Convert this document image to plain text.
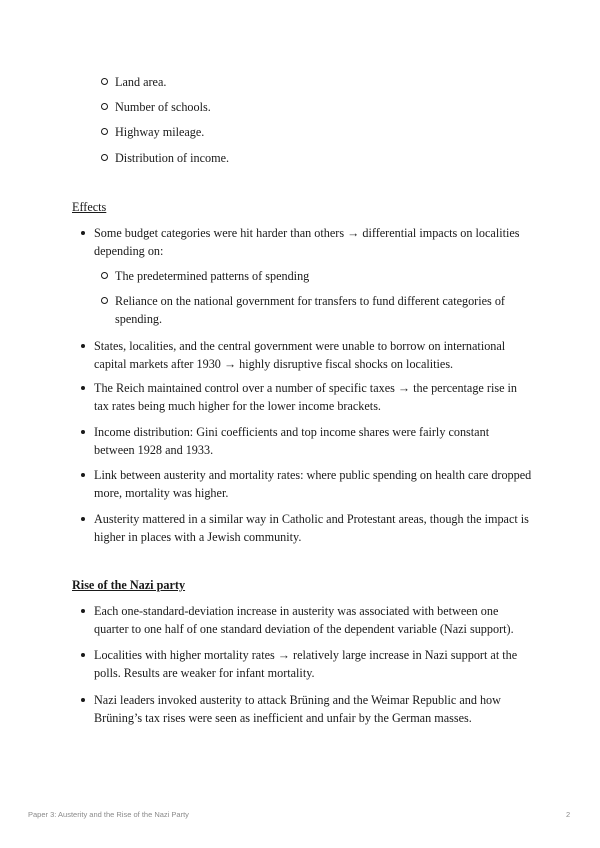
Land area.
Number of schools.
Highway mileage.
Distribution of income.
Effects
Some budget categories were hit harder than others → differential impacts on localities
depending on:
The predetermined patterns of spending
Reliance on the national government for transfers to fund different categories of
spending.
States, localities, and the central government were unable to borrow on international
capital markets after 1930 → highly disruptive fiscal shocks on localities.
The Reich maintained control over a number of specific taxes → the percentage rise in
tax rates being much higher for the lower income brackets.
Income distribution: Gini coefficients and top income shares were fairly constant
between 1928 and 1933.
Link between austerity and mortality rates: where public spending on health care dropped
more, mortality was higher.
Austerity mattered in a similar way in Catholic and Protestant areas, though the impact is
higher in places with a Jewish community.
Rise of the Nazi party
Each one-standard-deviation increase in austerity was associated with between one
quarter to one half of one standard deviation of the dependent variable (Nazi support).
Localities with higher mortality rates → relatively large increase in Nazi support at the
polls. Results are weaker for infant mortality.
Nazi leaders invoked austerity to attack Brüning and the Weimar Republic and how
Brüning’s tax rises were seen as inefficient and unfair by the German masses.
Paper 3: Austerity and the Rise of the Nazi Party	2
